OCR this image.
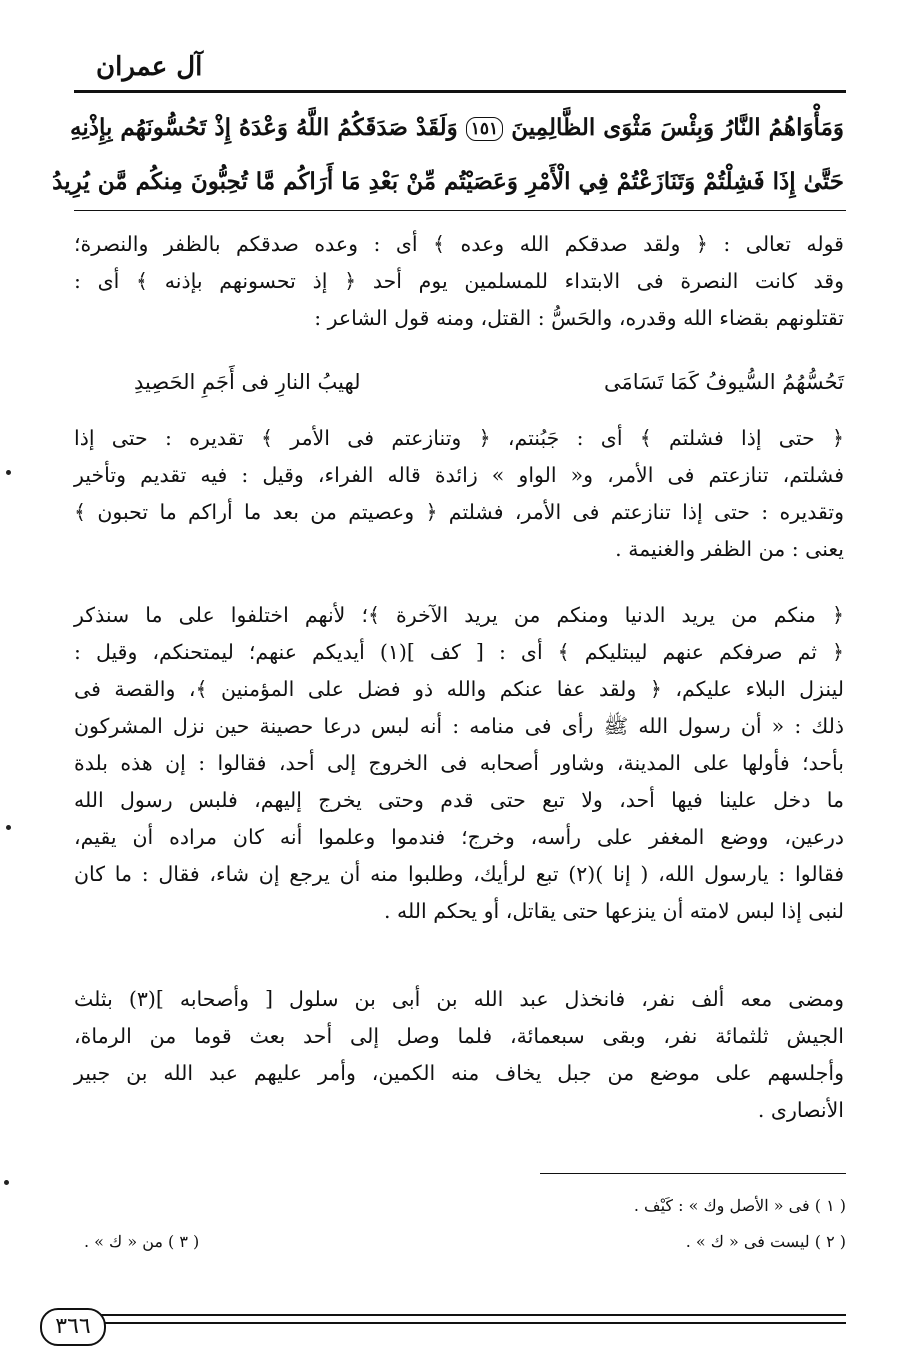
آل عمران
وَمَأْوَاهُمُ النَّارُ وَبِئْسَ مَثْوَى الظَّالِمِينَ ١٥١ وَلَقَدْ صَدَقَكُمُ اللَّهُ وَعْدَهُ إِذْ تَحُسُّونَهُم بِإِذْنِهِ
حَتَّىٰ إِذَا فَشِلْتُمْ وَتَنَازَعْتُمْ فِي الْأَمْرِ وَعَصَيْتُم مِّنْ بَعْدِ مَا أَرَاكُم مَّا تُحِبُّونَ مِنكُم مَّن يُرِيدُ
قوله تعالى : ﴿ ولقد صدقكم الله وعده ﴾ أى : وعده صدقكم بالظفر والنصرة؛
وقد كانت النصرة فى الابتداء للمسلمين يوم أحد ﴿ إذ تحسونهم بإذنه ﴾ أى :
تقتلونهم بقضاء الله وقدره، والحَسُّ : القتل، ومنه قول الشاعر :
تَحُسُّهُمُ السُّيوفُ كَمَا تَسَامَى
لهيبُ النارِ فى أَجَمِ الحَصِيدِ
﴿ حتى إذا فشلتم ﴾ أى : جَبُنتم، ﴿ وتنازعتم فى الأمر ﴾ تقديره : حتى إذا
فشلتم، تنازعتم فى الأمر، و« الواو » زائدة قاله الفراء، وقيل : فيه تقديم وتأخير
وتقديره : حتى إذا تنازعتم فى الأمر، فشلتم ﴿ وعصيتم من بعد ما أراكم ما تحبون ﴾
يعنى : من الظفر والغنيمة .
﴿ منكم من يريد الدنيا ومنكم من يريد الآخرة ﴾؛ لأنهم اختلفوا على ما سنذكر
﴿ ثم صرفكم عنهم ليبتليكم ﴾ أى : [ كف ](١) أيديكم عنهم؛ ليمتحنكم، وقيل :
لينزل البلاء عليكم، ﴿ ولقد عفا عنكم والله ذو فضل على المؤمنين ﴾، والقصة فى
ذلك : « أن رسول الله ﷺ رأى فى منامه : أنه لبس درعا حصينة حين نزل المشركون
بأحد؛ فأولها على المدينة، وشاور أصحابه فى الخروج إلى أحد، فقالوا : إن هذه بلدة
ما دخل علينا فيها أحد، ولا تبع حتى قدم وحتى يخرج إليهم، فلبس رسول الله
درعين، ووضع المغفر على رأسه، وخرج؛ فندموا وعلموا أنه كان مراده أن يقيم،
فقالوا : يارسول الله، ( إنا )(٢) تبع لرأيك، وطلبوا منه أن يرجع إن شاء، فقال : ما كان
لنبى إذا لبس لامته أن ينزعها حتى يقاتل، أو يحكم الله .
ومضى معه ألف نفر، فانخذل عبد الله بن أبى بن سلول [ وأصحابه ](٣) بثلث
الجيش ثلثمائة نفر، وبقى سبعمائة، فلما وصل إلى أحد بعث قوما من الرماة،
وأجلسهم على موضع من جبل يخاف منه الكمين، وأمر عليهم عبد الله بن جبير
الأنصارى .
( ١ ) فى « الأصل وك » : كَيْف .
( ٢ ) ليست فى « ك » .
( ٣ ) من « ك » .
٣٦٦
